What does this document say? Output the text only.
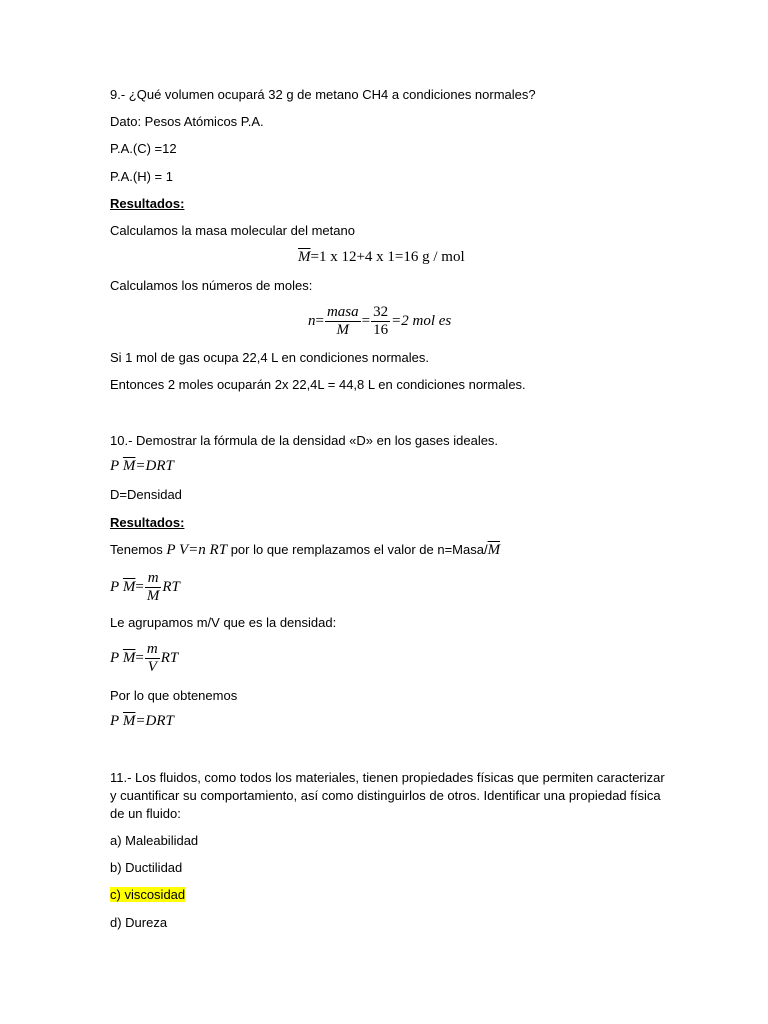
9.- ¿Qué volumen ocupará 32 g de metano CH4 a condiciones normales?
Dato: Pesos Atómicos P.A.
P.A.(C) =12
P.A.(H) = 1
Resultados:
Calculamos la masa molecular del metano
$\overline{M}=1$ x 12+4 x 1=16 g / mol
Calculamos los números de moles:
$n= \frac{\text{masa}}{M} = \frac{32}{16} =2$ mol es
Si 1 mol de gas ocupa 22,4 L en condiciones normales.
Entonces 2 moles ocuparán 2x 22,4L = 44,8 L en condiciones normales.
10.- Demostrar la fórmula de la densidad «D» en los gases ideales.
P $\overline{M}=DRT$
D=Densidad
Resultados:
Tenemos P V=n RT por lo que remplazamos el valor de $n=Masa/\overline{M}$
P $\overline{M}= \frac{m}{M}$ RT
Le agrupamos m/V que es la densidad:
P $\overline{M}= \frac{m}{V}$ RT
Por lo que obtenemos
P $\overline{M}=DRT$
11.- Los fluidos, como todos los materiales, tienen propiedades físicas que permiten caracterizar y cuantificar su comportamiento, así como distinguirlos de otros. Identificar una propiedad física de un fluido:
a) Maleabilidad
b) Ductilidad
c) viscosidad
d) Dureza
